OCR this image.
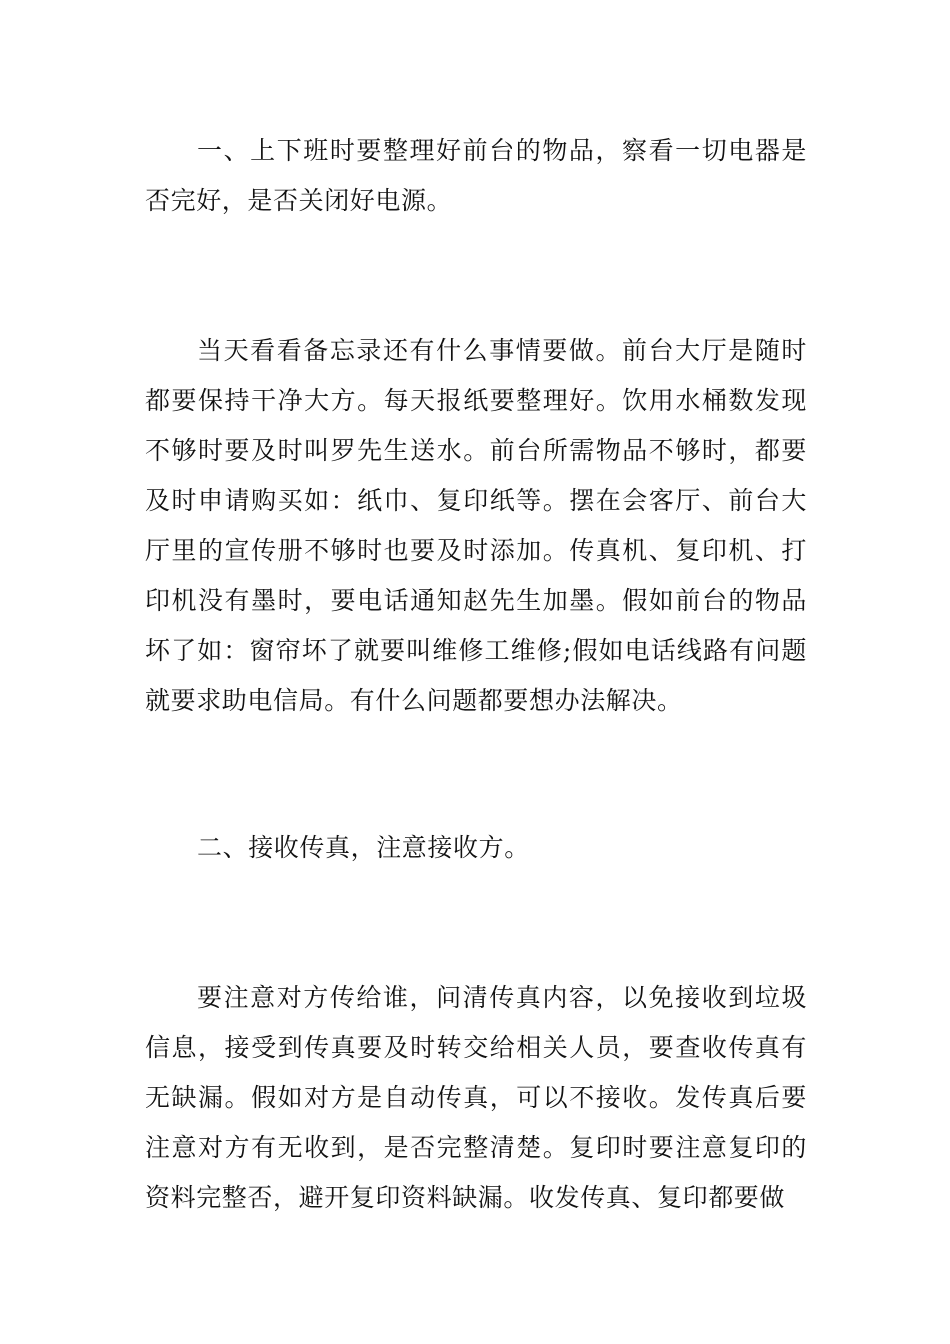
一、上下班时要整理好前台的物品，察看一切电器是否完好，是否关闭好电源。

当天看看备忘录还有什么事情要做。前台大厅是随时都要保持干净大方。每天报纸要整理好。饮用水桶数发现不够时要及时叫罗先生送水。前台所需物品不够时，都要及时申请购买如：纸巾、复印纸等。摆在会客厅、前台大厅里的宣传册不够时也要及时添加。传真机、复印机、打印机没有墨时，要电话通知赵先生加墨。假如前台的物品坏了如：窗帘坏了就要叫维修工维修;假如电话线路有问题就要求助电信局。有什么问题都要想办法解决。

二、接收传真，注意接收方。

要注意对方传给谁，问清传真内容，以免接收到垃圾信息，接受到传真要及时转交给相关人员，要查收传真有无缺漏。假如对方是自动传真，可以不接收。发传真后要注意对方有无收到，是否完整清楚。复印时要注意复印的资料完整否，避开复印资料缺漏。收发传真、复印都要做
